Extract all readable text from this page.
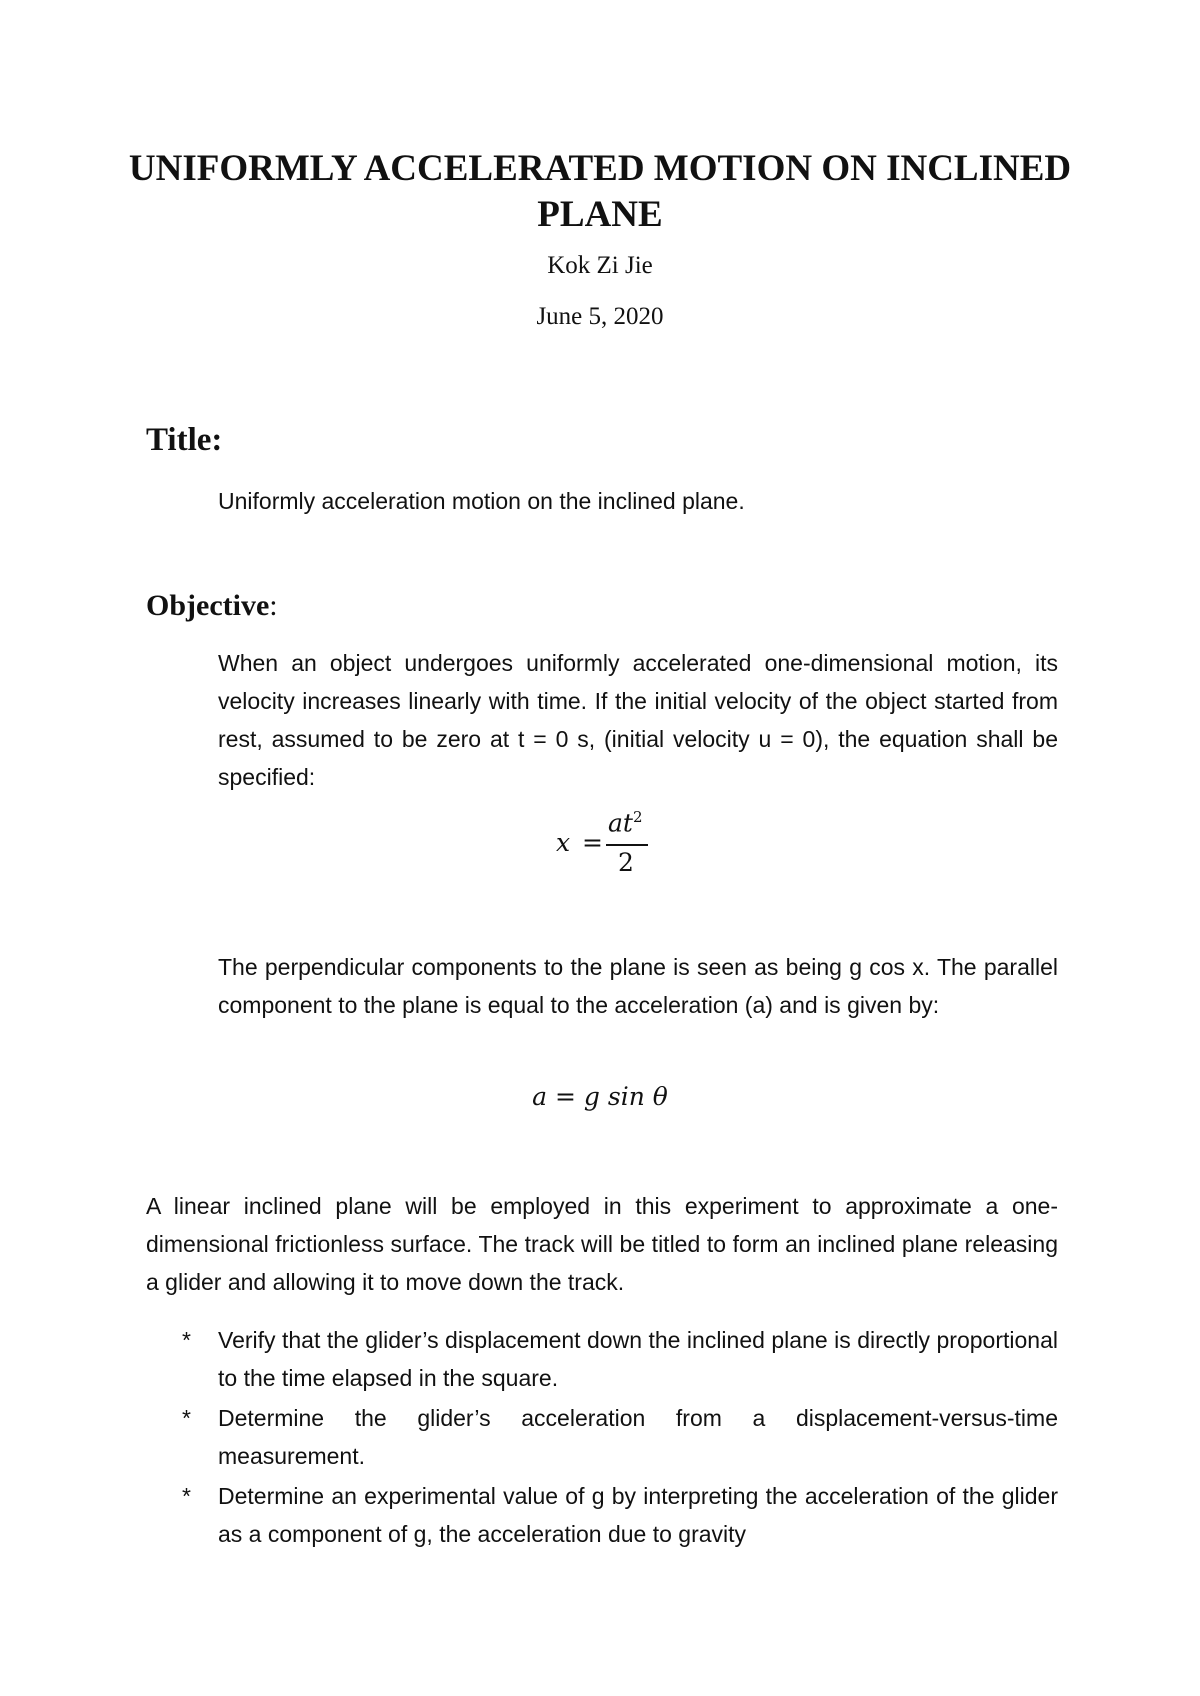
UNIFORMLY ACCELERATED MOTION ON INCLINED PLANE
Kok Zi Jie
June 5, 2020
Title:

Uniformly acceleration motion on the inclined plane.

Objective:

When an object undergoes uniformly accelerated one-dimensional motion, its velocity increases linearly with time. If the initial velocity of the object started from rest, assumed to be zero at t = 0 s, (initial velocity u = 0), the equation shall be specified:

x =
$at^2$
2

The perpendicular components to the plane is seen as being g cos x. The parallel component to the plane is equal to the acceleration (a) and is given by:

a = g sin θ

A linear inclined plane will be employed in this experiment to approximate a one-dimensional frictionless surface. The track will be titled to form an inclined plane releasing a glider and allowing it to move down the track.

* Verify that the glider’s displacement down the inclined plane is directly proportional to the time elapsed in the square.
* Determine the glider’s acceleration from a displacement-versus-time measurement.
* Determine an experimental value of g by interpreting the acceleration of the glider as a component of g, the acceleration due to gravity
